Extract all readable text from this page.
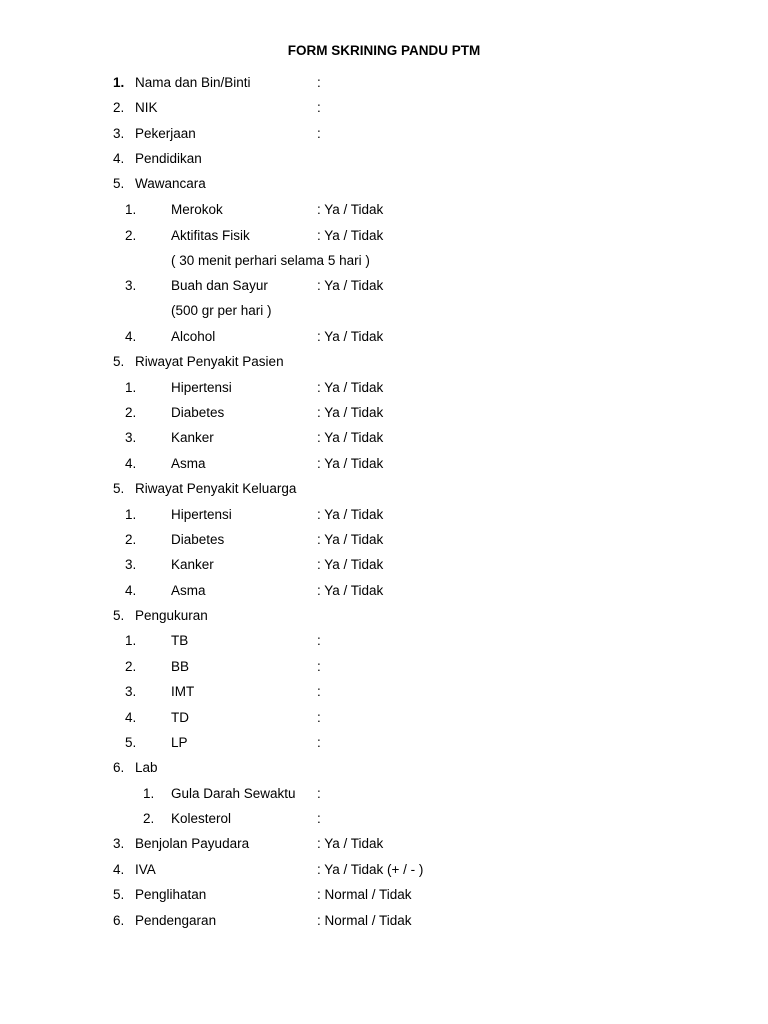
FORM SKRINING PANDU PTM
1. Nama dan Bin/Binti	:
2. NIK	:
3. Pekerjaan	:
4. Pendidikan
5. Wawancara
1.	Merokok	: Ya / Tidak
2.	Aktifitas Fisik	: Ya / Tidak
( 30 menit perhari selama 5 hari )
3.	Buah dan Sayur	: Ya / Tidak
(500 gr per hari )
4.	Alcohol	: Ya / Tidak
5. Riwayat Penyakit Pasien
1.	Hipertensi	: Ya / Tidak
2.	Diabetes	: Ya / Tidak
3.	Kanker	: Ya / Tidak
4.	Asma	: Ya / Tidak
5. Riwayat Penyakit Keluarga
1.	Hipertensi	: Ya / Tidak
2.	Diabetes	: Ya / Tidak
3.	Kanker	: Ya / Tidak
4.	Asma	: Ya / Tidak
5. Pengukuran
1.	TB	:
2.	BB	:
3.	IMT	:
4.	TD	:
5.	LP	:
6. Lab
1. Gula Darah Sewaktu :
2. Kolesterol	:
3. Benjolan Payudara	: Ya / Tidak
4. IVA	: Ya / Tidak (+ / - )
5. Penglihatan	: Normal / Tidak
6. Pendengaran	: Normal / Tidak
